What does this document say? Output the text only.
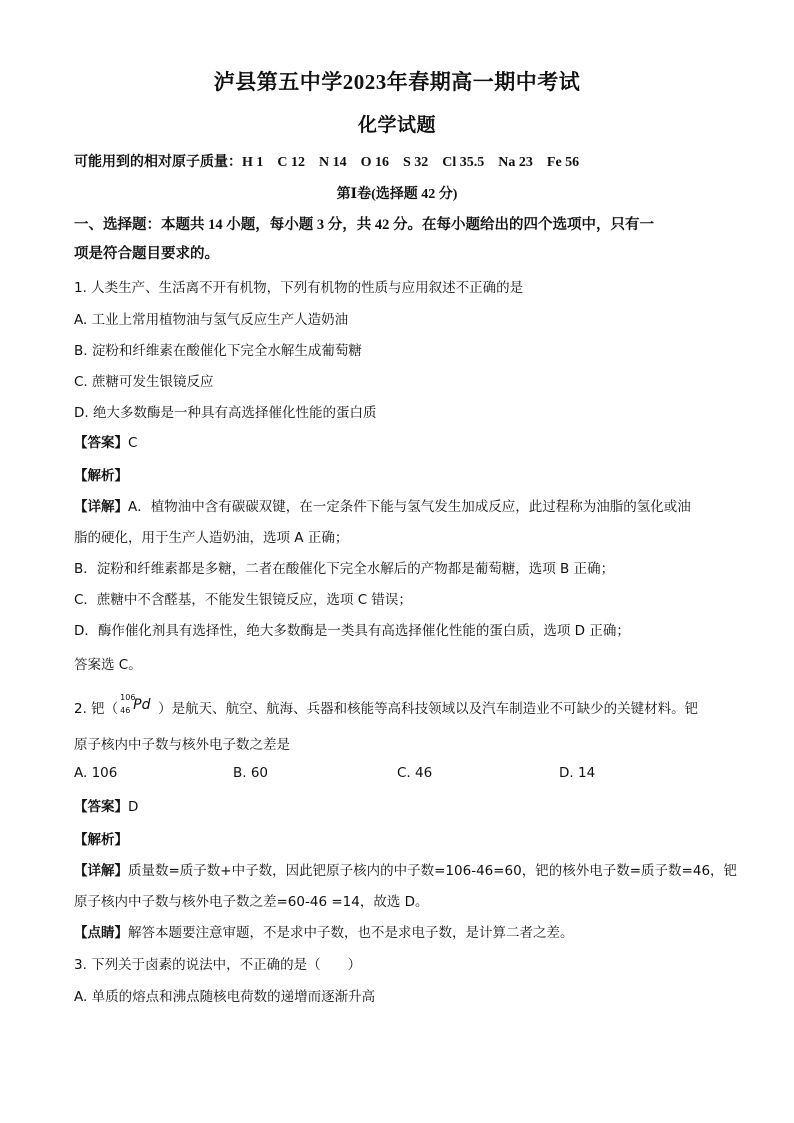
泸县第五中学2023年春期高一期中考试
化学试题
可能用到的相对原子质量：H 1　C 12　N 14　O 16　S 32　Cl 35.5　Na 23　Fe 56
第Ⅰ卷(选择题 42 分)
一、选择题：本题共 14 小题，每小题 3 分，共 42 分。在每小题给出的四个选项中，只有一
项是符合题目要求的。
1. 人类生产、生活离不开有机物，下列有机物的性质与应用叙述不正确的是
A. 工业上常用植物油与氢气反应生产人造奶油
B. 淀粉和纤维素在酸催化下完全水解生成葡萄糖
C. 蔗糖可发生银镜反应
D. 绝大多数酶是一种具有高选择催化性能的蛋白质
【答案】C
【解析】
【详解】A．植物油中含有碳碳双键，在一定条件下能与氢气发生加成反应，此过程称为油脂的氢化或油
脂的硬化，用于生产人造奶油，选项 A 正确；
B．淀粉和纤维素都是多糖，二者在酸催化下完全水解后的产物都是葡萄糖，选项 B 正确；
C．蔗糖中不含醛基，不能发生银镜反应，选项 C 错误；
D．酶作催化剂具有选择性，绝大多数酶是一类具有高选择催化性能的蛋白质，选项 D 正确；
答案选 C。
2. 钯（
106
46 Pd ）是航天、航空、航海、兵器和核能等高科技领域以及汽车制造业不可缺少的关键材料。钯
原子核内中子数与核外电子数之差是
A. 106	B. 60	C. 46	D. 14
【答案】D
【解析】
【详解】质量数=质子数+中子数，因此钯原子核内的中子数=106-46=60，钯的核外电子数=质子数=46，钯
原子核内中子数与核外电子数之差=60-46 =14，故选 D。
【点睛】解答本题要注意审题，不是求中子数，也不是求电子数，是计算二者之差。
3. 下列关于卤素的说法中，不正确的是（　　）
A. 单质的熔点和沸点随核电荷数的递增而逐渐升高
